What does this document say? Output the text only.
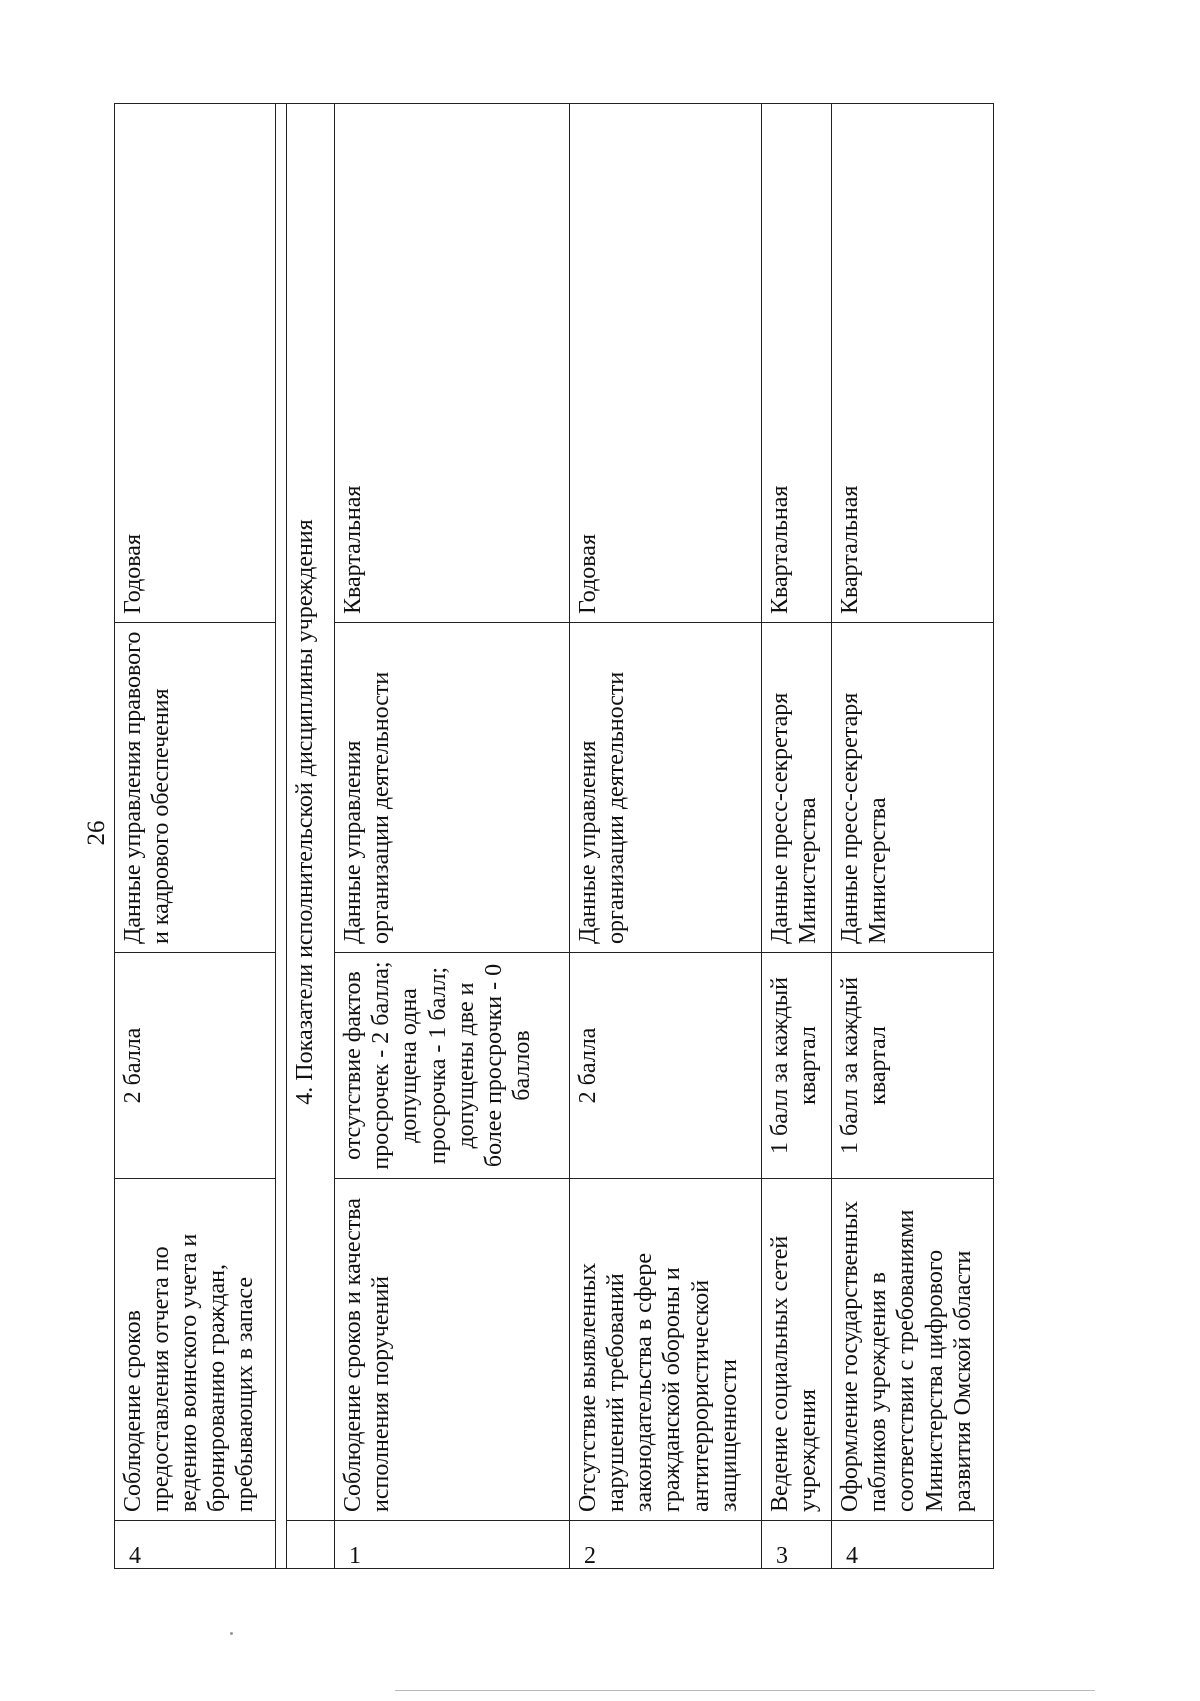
26
4	Соблюдение сроков предоставления отчета по ведению воинского учета и бронированию граждан, пребывающих в запасе	2 балла	Данные управления правового и кадрового обеспечения	Годовая

	4. Показатели исполнительской дисциплины учреждения			
1	Соблюдение сроков и качества исполнения поручений	отсутствие фактов просрочек - 2 балла; допущена одна просрочка - 1 балл; допущены две и более просрочки - 0 баллов	Данные управления организации деятельности	Квартальная
2	Отсутствие выявленных нарушений требований законодательства в сфере гражданской обороны и антитеррористической защищенности	2 балла	Данные управления организации деятельности	Годовая
3	Ведение социальных сетей учреждения	1 балл за каждый квартал	Данные пресс-секретаря Министерства	Квартальная
4	Оформление государственных пабликов учреждения в соответствии с требованиями Министерства цифрового развития Омской области	1 балл за каждый квартал	Данные пресс-секретаря Министерства	Квартальная
